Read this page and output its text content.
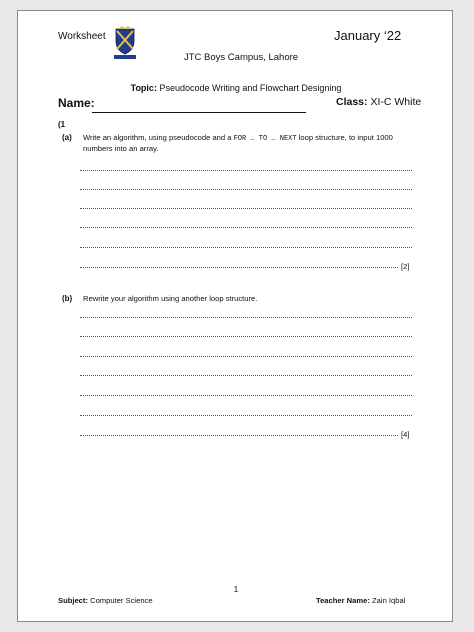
Worksheet	January ‘22
JTC Boys Campus, Lahore
Topic: Pseudocode Writing and Flowchart Designing
Name:	Class: XI-C White
(1
(a) Write an algorithm, using pseudocode and a FOR … TO … NEXT loop structure, to input 1000 numbers into an array.
[2]
(b) Rewrite your algorithm using another loop structure.
[4]
1
Subject: Computer Science	Teacher Name: Zain Iqbal
